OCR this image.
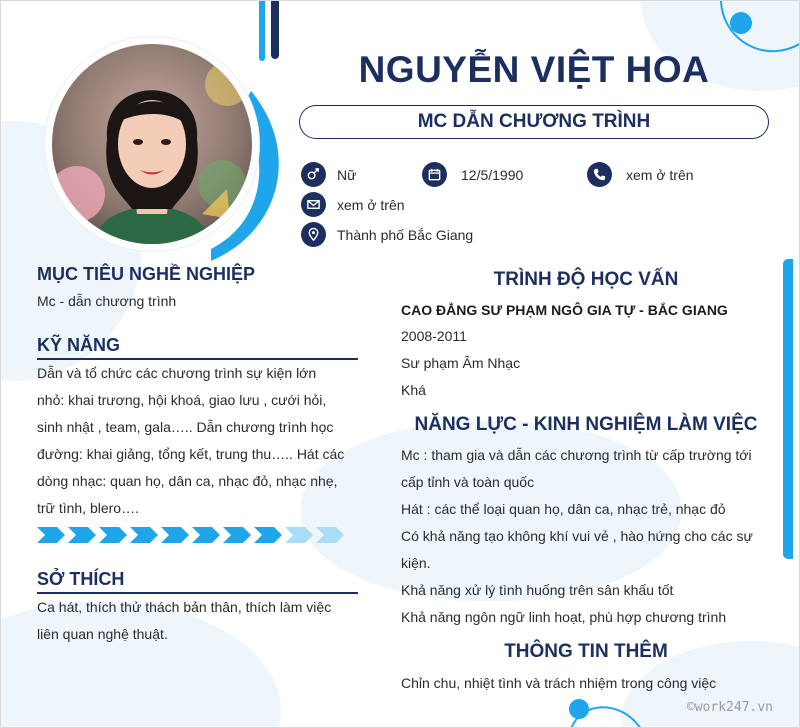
NGUYỄN VIỆT HOA
MC DẪN CHƯƠNG TRÌNH
Nữ	12/5/1990	xem ở trên
xem ở trên
Thành phố Bắc Giang
MỤC TIÊU NGHỀ NGHIỆP
Mc - dẫn chương trình
KỸ NĂNG
Dẫn và tổ chức các chương trình sự kiện lớn
nhỏ: khai trương, hội khoá, giao lưu , cưới hỏi,
sinh nhật , team, gala….. Dẫn chương trình học
đường: khai giảng, tổng kết, trung thu….. Hát các
dòng nhạc: quan họ, dân ca, nhạc đỏ, nhạc nhẹ,
trữ tình, blero….
SỞ THÍCH
Ca hát, thích thử thách bản thân, thích làm việc
liên quan nghệ thuật.
TRÌNH ĐỘ HỌC VẤN
CAO ĐẲNG SƯ PHẠM NGÔ GIA TỰ - BẮC GIANG
2008-2011
Sư phạm Âm Nhạc
Khá
NĂNG LỰC - KINH NGHIỆM LÀM VIỆC
Mc : tham gia và dẫn các chương trình từ cấp trường tới
cấp tỉnh và toàn quốc
Hát : các thể loại quan họ, dân ca, nhạc trẻ, nhạc đỏ
Có khả năng tạo không khí vui vẻ , hào hứng cho các sự
kiện.
Khả năng xử lý tình huống trên sân khấu tốt
Khả năng ngôn ngữ linh hoạt, phù hợp chương trình
THÔNG TIN THÊM
Chỉn chu, nhiệt tình và trách nhiệm trong công việc
©work247.vn
